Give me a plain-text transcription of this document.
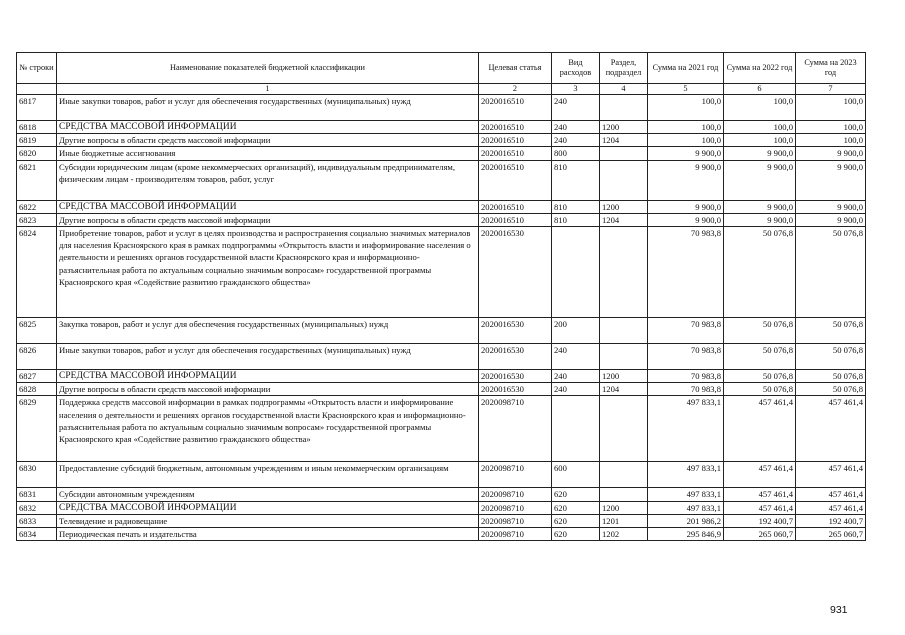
№ строки	Наименование показателей бюджетной классификации	Целевая статья	Вид расходов	Раздел, подраздел	Сумма на 2021 год	Сумма на 2022 год	Сумма на 2023 год
	1	2	3	4	5	6	7
6817	Иные закупки товаров, работ и услуг для обеспечения государственных (муниципальных) нужд	2020016510	240		100,0	100,0	100,0
6818	СРЕДСТВА МАССОВОЙ ИНФОРМАЦИИ	2020016510	240	1200	100,0	100,0	100,0
6819	Другие вопросы в области средств массовой информации	2020016510	240	1204	100,0	100,0	100,0
6820	Иные бюджетные ассигнования	2020016510	800		9 900,0	9 900,0	9 900,0
6821	Субсидии юридическим лицам (кроме некоммерческих организаций), индивидуальным предпринимателям, физическим лицам - производителям товаров, работ, услуг	2020016510	810		9 900,0	9 900,0	9 900,0
6822	СРЕДСТВА МАССОВОЙ ИНФОРМАЦИИ	2020016510	810	1200	9 900,0	9 900,0	9 900,0
6823	Другие вопросы в области средств массовой информации	2020016510	810	1204	9 900,0	9 900,0	9 900,0
6824	Приобретение товаров, работ и услуг в целях производства и распространения социально значимых материалов для населения Красноярского края в рамках подпрограммы «Открытость власти и информирование населения о деятельности и решениях органов государственной власти Красноярского края и информационно-разъяснительная работа по актуальным социально значимым вопросам» государственной программы Красноярского края «Содействие развитию гражданского общества»	2020016530			70 983,8	50 076,8	50 076,8
6825	Закупка товаров, работ и услуг для обеспечения государственных (муниципальных) нужд	2020016530	200		70 983,8	50 076,8	50 076,8
6826	Иные закупки товаров, работ и услуг для обеспечения государственных (муниципальных) нужд	2020016530	240		70 983,8	50 076,8	50 076,8
6827	СРЕДСТВА МАССОВОЙ ИНФОРМАЦИИ	2020016530	240	1200	70 983,8	50 076,8	50 076,8
6828	Другие вопросы в области средств массовой информации	2020016530	240	1204	70 983,8	50 076,8	50 076,8
6829	Поддержка средств массовой информации в рамках подпрограммы «Открытость власти и информирование населения о деятельности и решениях органов государственной власти Красноярского края и информационно-разъяснительная работа по актуальным социально значимым вопросам» государственной программы Красноярского края «Содействие развитию гражданского общества»	2020098710			497 833,1	457 461,4	457 461,4
6830	Предоставление субсидий бюджетным, автономным учреждениям и иным некоммерческим организациям	2020098710	600		497 833,1	457 461,4	457 461,4
6831	Субсидии автономным учреждениям	2020098710	620		497 833,1	457 461,4	457 461,4
6832	СРЕДСТВА МАССОВОЙ ИНФОРМАЦИИ	2020098710	620	1200	497 833,1	457 461,4	457 461,4
6833	Телевидение и радиовещание	2020098710	620	1201	201 986,2	192 400,7	192 400,7
6834	Периодическая печать и издательства	2020098710	620	1202	295 846,9	265 060,7	265 060,7
931
